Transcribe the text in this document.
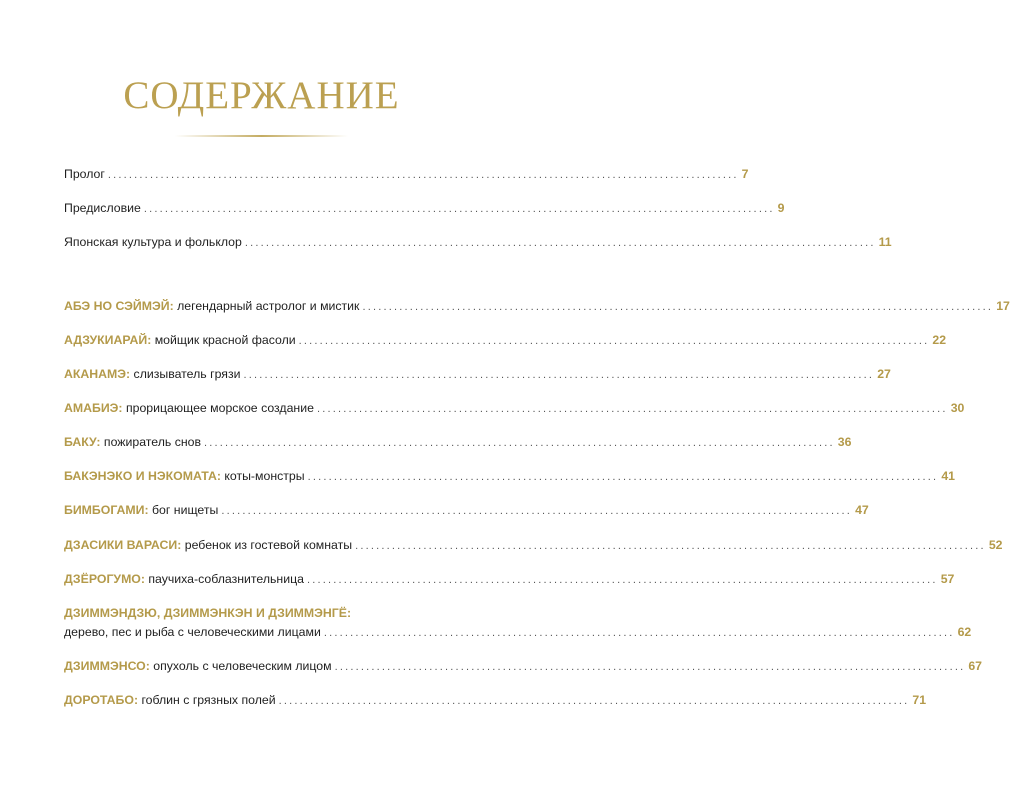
СОДЕРЖАНИЕ
Пролог ........................................................................................................................ 7
Предисловие ........................................................................................................................ 9
Японская культура и фольклор ........................................................................................................................ 11
АБЭ НО СЭЙМЭЙ: легендарный астролог и мистик ........................................................................................................................ 17
АДЗУКИАРАЙ: мойщик красной фасоли ........................................................................................................................ 22
АКАНАМЭ: слизыватель грязи ........................................................................................................................ 27
АМАБИЭ: прорицающее морское создание ........................................................................................................................ 30
БАКУ: пожиратель снов ........................................................................................................................ 36
БАКЭНЭКО И НЭКОМАТА: коты-монстры ........................................................................................................................ 41
БИМБОГАМИ: бог нищеты ........................................................................................................................ 47
ДЗАСИКИ ВАРАСИ: ребенок из гостевой комнаты ........................................................................................................................ 52
ДЗЁРОГУМО: паучиха-соблазнительница ........................................................................................................................ 57
ДЗИММЭНДЗЮ, ДЗИММЭНКЭН И ДЗИММЭНГЁ:
дерево, пес и рыба с человеческими лицами ........................................................................................................................ 62
ДЗИММЭНСО: опухоль с человеческим лицом ........................................................................................................................ 67
ДОРОТАБО: гоблин с грязных полей ........................................................................................................................ 71
